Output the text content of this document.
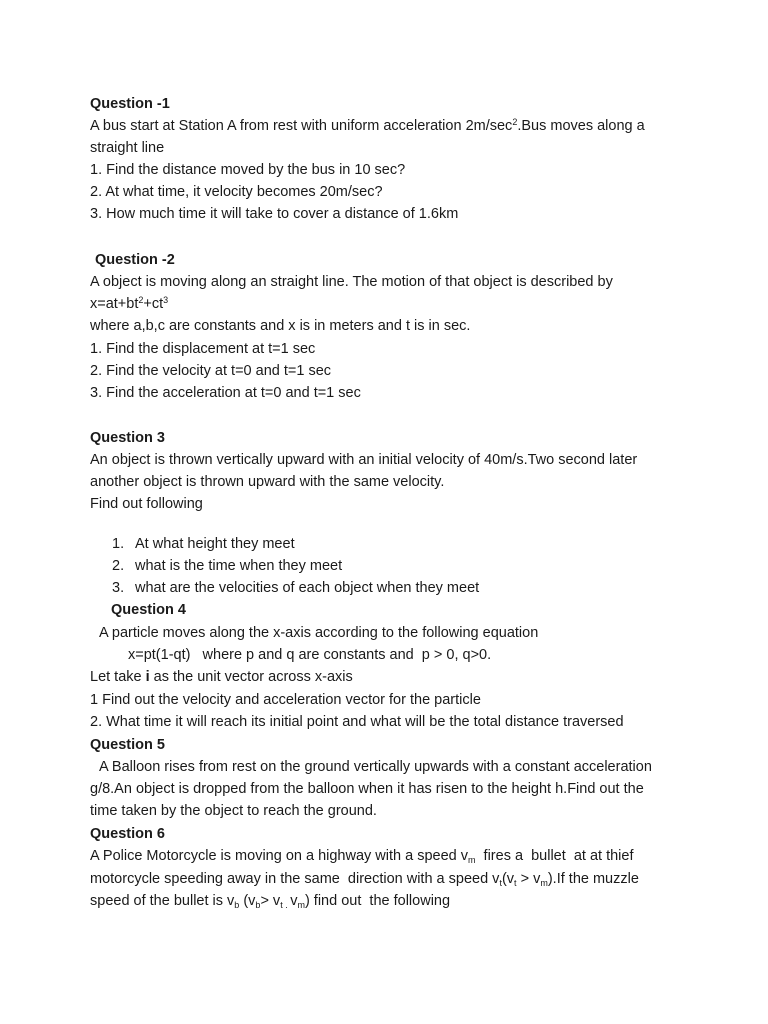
Question -1
A bus start at Station A from rest with uniform acceleration $2m/\sec^2.Bus$ moves along a
straight line
1. Find the distance moved by the bus in 10 sec?
2. At what time, it velocity becomes 20m/sec?
3. How much time it will take to cover a distance of 1.6km
Question -2
A object is moving along an straight line. The motion of that object is described by
$x=at+bt^2+ct^3$
where a,b,c are constants and x is in meters and t is in sec.
1. Find the displacement at t=1 sec
2. Find the velocity at t=0 and t=1 sec
3. Find the acceleration at t=0 and t=1 sec
Question 3
An object is thrown vertically upward with an initial velocity of 40m/s.Two second later
another object is thrown upward with the same velocity.
Find out following
1. At what height they meet
2. what is the time when they meet
3. what are the velocities of each object when they meet
Question 4
A particle moves along the x-axis according to the following equation
x=pt(1-qt)   where p and q are constants and  p > 0, q>0.
Let take i as the unit vector across x-axis
1 Find out the velocity and acceleration vector for the particle
2. What time it will reach its initial point and what will be the total distance traversed
Question 5
A Balloon rises from rest on the ground vertically upwards with a constant acceleration
g/8.An object is dropped from the balloon when it has risen to the height h.Find out the
time taken by the object to reach the ground.
Question 6
A Police Motorcycle is moving on a highway with a speed $v_m$  fires a  bullet  at at thief
motorcycle speeding away in the same  direction with a speed $v_t(v_t > v_m).If$ the muzzle
speed of the bullet is $v_b$ ($v_b> v_{t .}$ $v_m$) find out  the following
